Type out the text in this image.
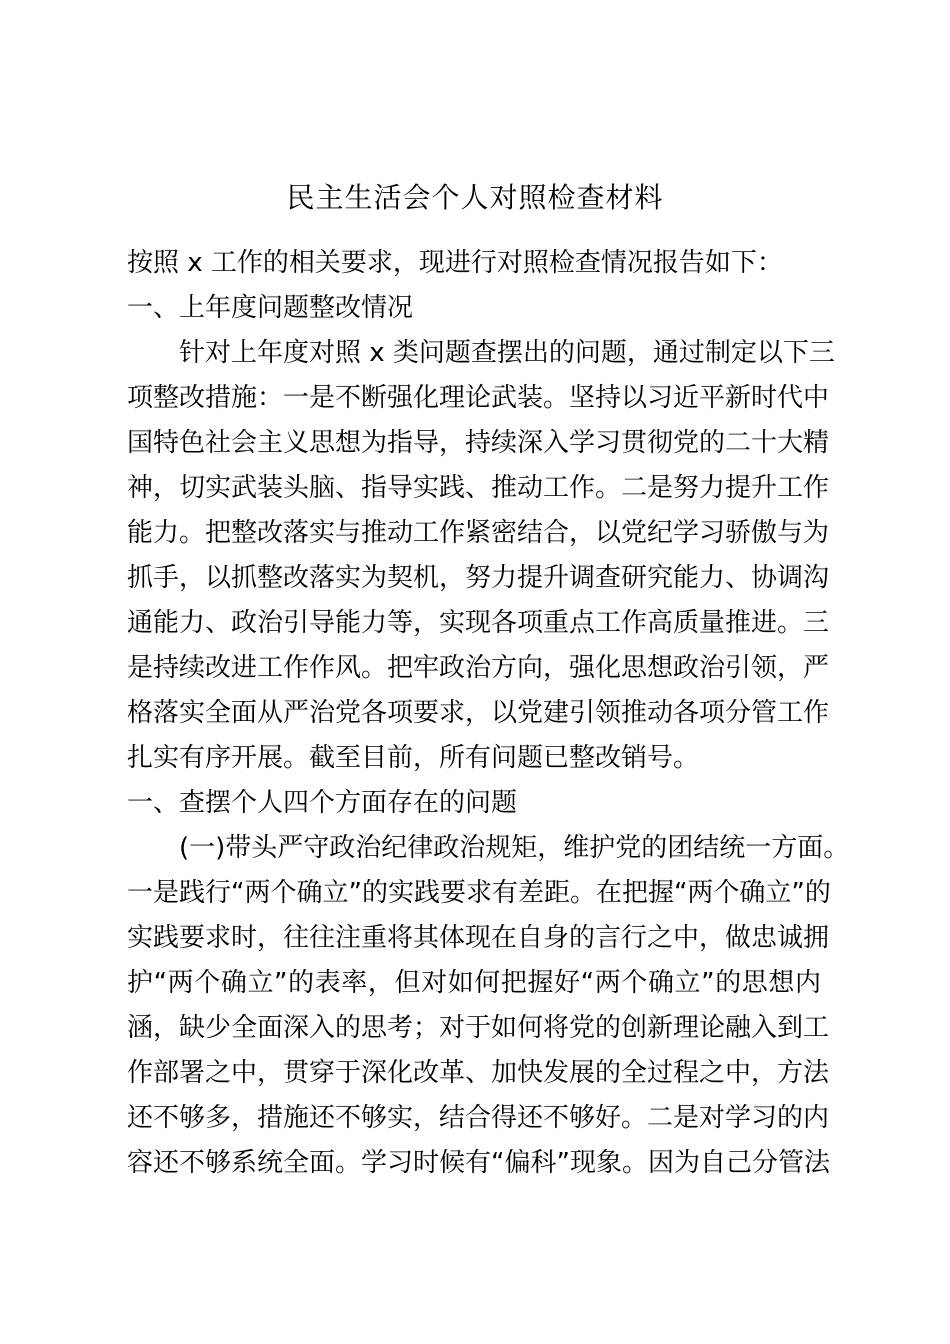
民主生活会个人对照检查材料

按照 x 工作的相关要求，现进行对照检查情况报告如下：

一、上年度问题整改情况

针对上年度对照 x 类问题查摆出的问题，通过制定以下三
项整改措施：一是不断强化理论武装。坚持以习近平新时代中
国特色社会主义思想为指导，持续深入学习贯彻党的二十大精
神，切实武装头脑、指导实践、推动工作。二是努力提升工作
能力。把整改落实与推动工作紧密结合，以党纪学习骄傲与为
抓手，以抓整改落实为契机，努力提升调查研究能力、协调沟
通能力、政治引导能力等，实现各项重点工作高质量推进。三
是持续改进工作作风。把牢政治方向，强化思想政治引领，严
格落实全面从严治党各项要求，以党建引领推动各项分管工作
扎实有序开展。截至目前，所有问题已整改销号。

一、查摆个人四个方面存在的问题

(一)带头严守政治纪律政治规矩，维护党的团结统一方面。
一是践行“两个确立”的实践要求有差距。在把握“两个确立”的
实践要求时，往往注重将其体现在自身的言行之中，做忠诚拥
护“两个确立”的表率，但对如何把握好“两个确立”的思想内
涵，缺少全面深入的思考；对于如何将党的创新理论融入到工
作部署之中，贯穿于深化改革、加快发展的全过程之中，方法
还不够多，措施还不够实，结合得还不够好。二是对学习的内
容还不够系统全面。学习时候有“偏科”现象。因为自己分管法
